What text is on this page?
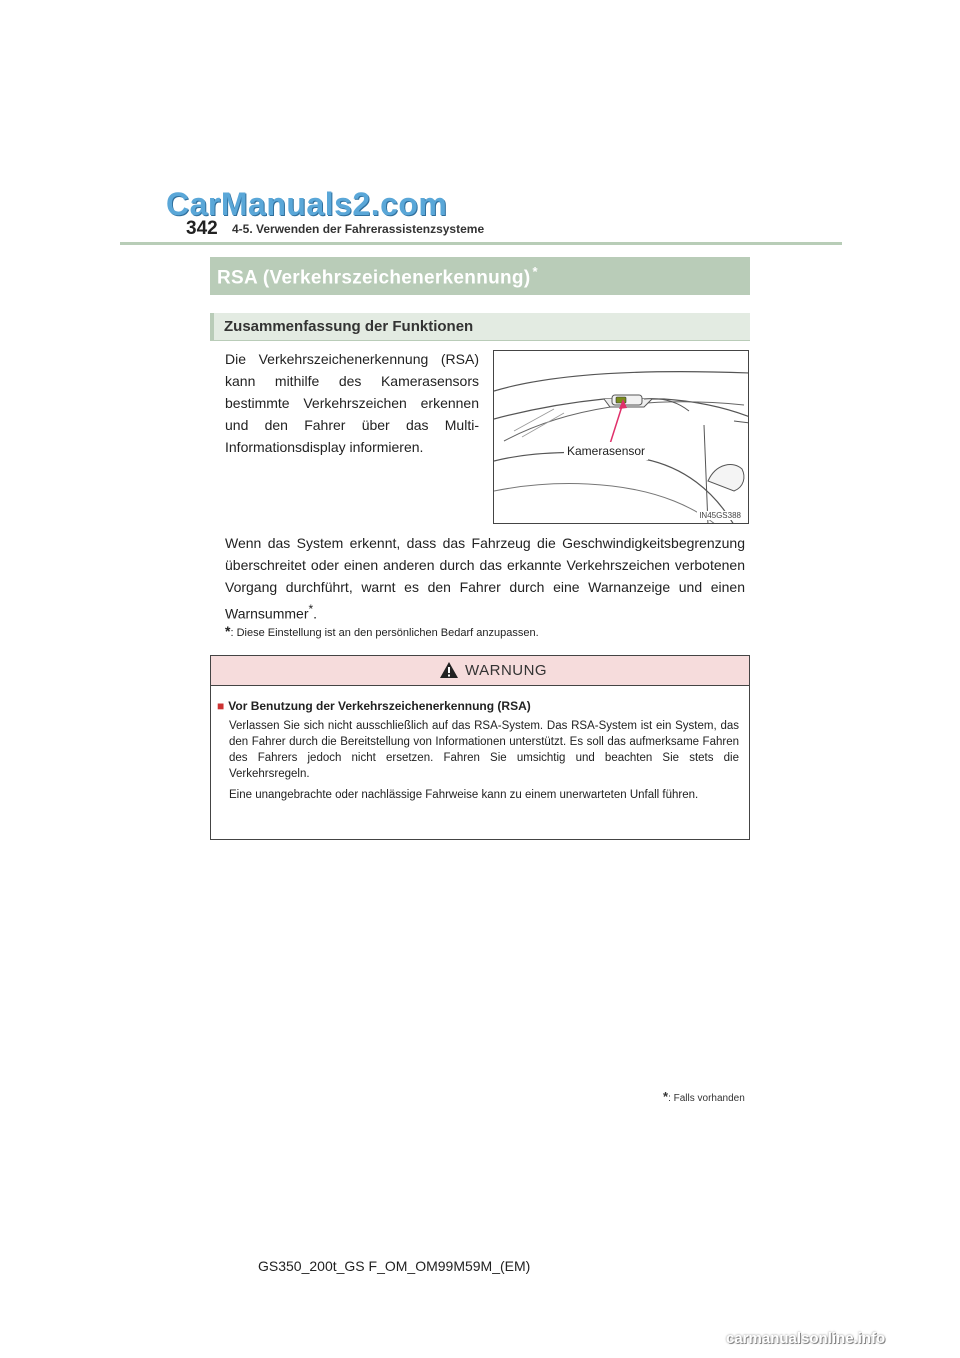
CarManuals2.com
342 4-5. Verwenden der Fahrerassistenzsysteme
RSA (Verkehrszeichenerkennung) *
Zusammenfassung der Funktionen
Die Verkehrszeichenerkennung (RSA) kann mithilfe des Kamerasensors bestimmte Verkehrszeichen erkennen und den Fahrer über das Multi-Informationsdisplay informieren.	Kamerasensor
IN45GS388
Wenn das System erkennt, dass das Fahrzeug die Geschwindigkeitsbegrenzung überschreitet oder einen anderen durch das erkannte Verkehrszeichen verbotenen Vorgang durchführt, warnt es den Fahrer durch eine Warnanzeige und einen Warnsummer*.
*: Diese Einstellung ist an den persönlichen Bedarf anzupassen.
WARNUNG
■ Vor Benutzung der Verkehrszeichenerkennung (RSA)

Verlassen Sie sich nicht ausschließlich auf das RSA-System. Das RSA-System ist ein System, das den Fahrer durch die Bereitstellung von Informationen unterstützt. Es soll das aufmerksame Fahren des Fahrers jedoch nicht ersetzen. Fahren Sie umsichtig und beachten Sie stets die Verkehrsregeln.

Eine unangebrachte oder nachlässige Fahrweise kann zu einem unerwarteten Unfall führen.

*: Falls vorhanden
GS350_200t_GS F_OM_OM99M59M_(EM)
carmanualsonline.info
